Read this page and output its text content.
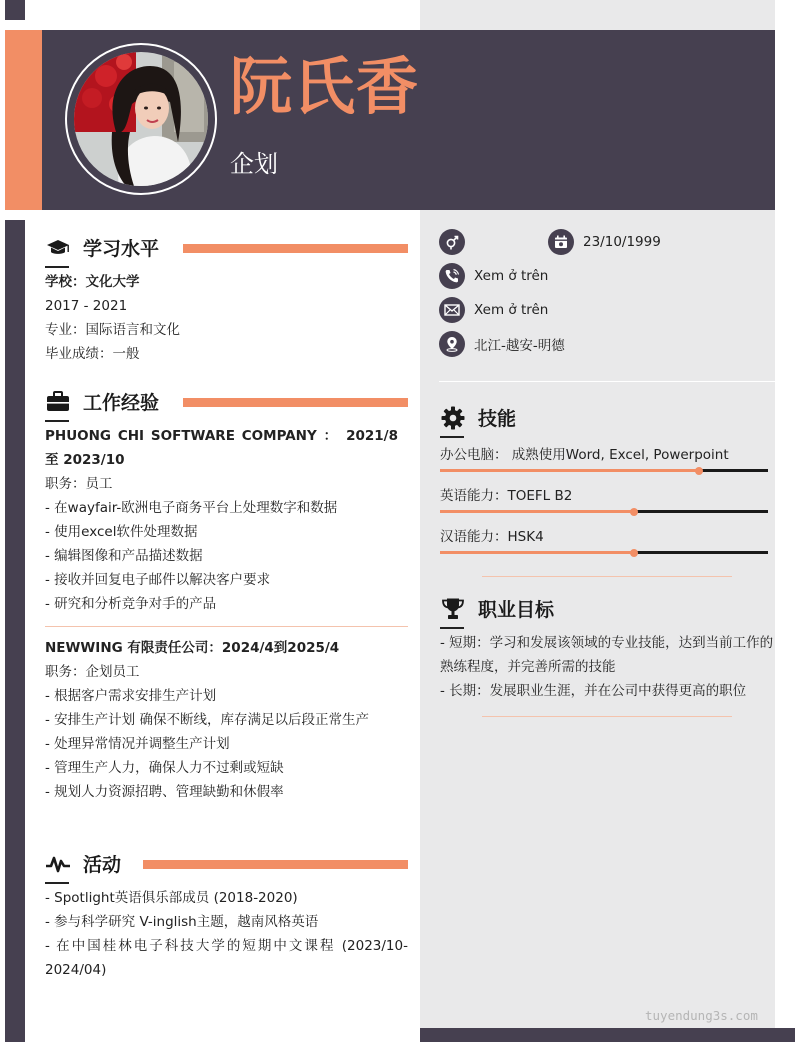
阮氏香
企划
学习水平
学校：文化大学
2017 - 2021
专业：国际语言和文化
毕业成绩：一般
工作经验
PHUONG CHI SOFTWARE COMPANY ： 2021/8 至 2023/10
职务：员工
- 在wayfair-欧洲电子商务平台上处理数字和数据
- 使用excel软件处理数据
- 编辑图像和产品描述数据
- 接收并回复电子邮件以解决客户要求
- 研究和分析竞争对手的产品
NEWWING 有限责任公司：2024/4到2025/4
职务：企划员工
- 根据客户需求安排生产计划
- 安排生产计划 确保不断线，库存满足以后段正常生产
- 处理异常情况并调整生产计划
- 管理生产人力，确保人力不过剩或短缺
- 规划人力资源招聘、管理缺勤和休假率
活动
- Spotlight英语俱乐部成员 (2018-2020)
- 参与科学研究 V-inglish主题，越南风格英语
- 在中国桂林电子科技大学的短期中文课程 (2023/10-2024/04)
23/10/1999
Xem ở trên
Xem ở trên
北江-越安-明德
技能
办公电脑： 成熟使用Word, Excel, Powerpoint
英语能力：TOEFL B2
汉语能力：HSK4
职业目标
- 短期：学习和发展该领域的专业技能，达到当前工作的熟练程度，并完善所需的技能
- 长期：发展职业生涯，并在公司中获得更高的职位
tuyendung3s.com
